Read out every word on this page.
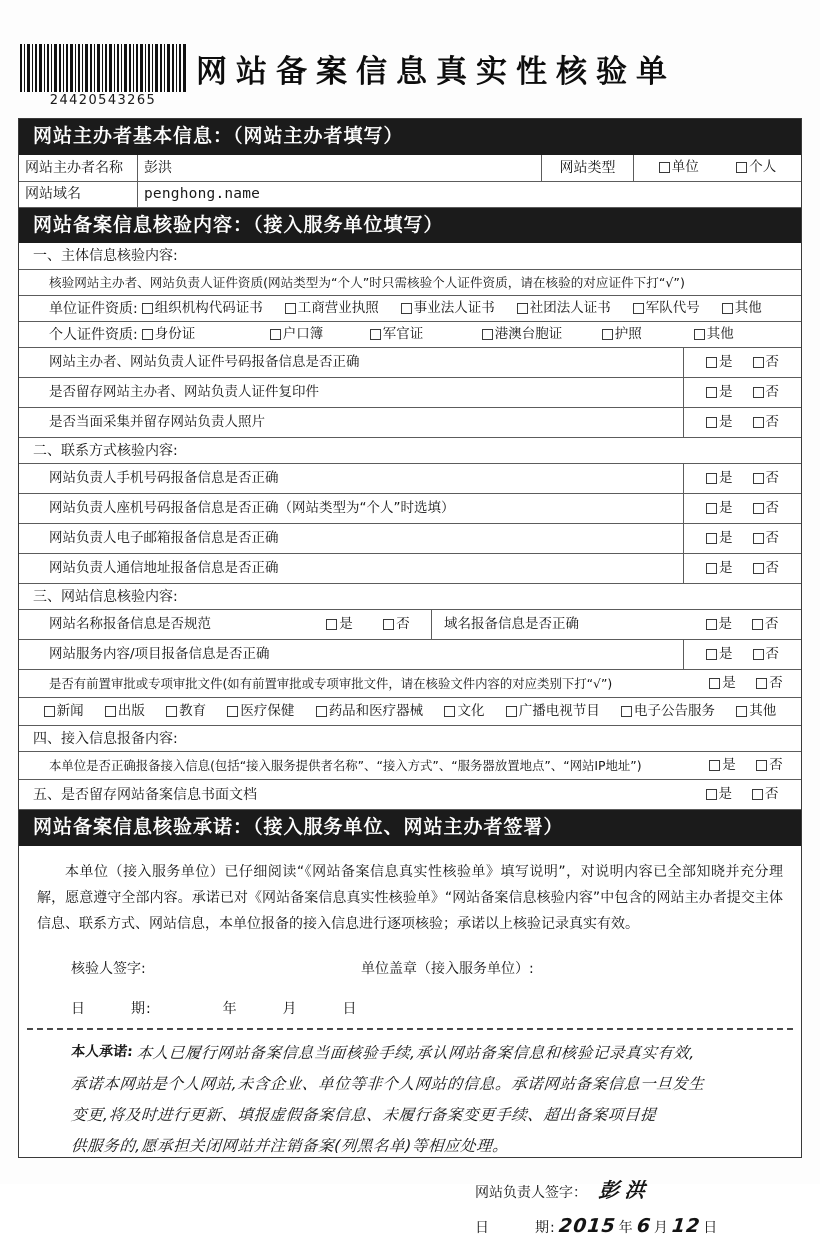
24420543265
网站备案信息真实性核验单
网站主办者基本信息：（网站主办者填写）
网站主办者名称	彭洪	网站类型	单位	个人
网站域名	penghong.name
网站备案信息核验内容：（接入服务单位填写）
一、主体信息核验内容:
核验网站主办者、网站负责人证件资质(网站类型为“个人”时只需核验个人证件资质，请在核验的对应证件下打“√”)
单位证件资质: 组织机构代码证书	工商营业执照	事业法人证书	社团法人证书	军队代号	其他
个人证件资质: 身份证	户口簿	军官证	港澳台胞证	护照	其他
网站主办者、网站负责人证件号码报备信息是否正确	是 否
是否留存网站主办者、网站负责人证件复印件	是 否
是否当面采集并留存网站负责人照片	是 否
二、联系方式核验内容:
网站负责人手机号码报备信息是否正确	是 否
网站负责人座机号码报备信息是否正确（网站类型为“个人”时选填）	是 否
网站负责人电子邮箱报备信息是否正确	是 否
网站负责人通信地址报备信息是否正确	是 否
三、网站信息核验内容:
网站名称报备信息是否规范	是	否	域名报备信息是否正确	是 否
网站服务内容/项目报备信息是否正确	是 否
是否有前置审批或专项审批文件(如有前置审批或专项审批文件，请在核验文件内容的对应类别下打“√”)	是 否
新闻	出版	教育	医疗保健	药品和医疗器械	文化	广播电视节目	电子公告服务	其他
四、接入信息报备内容:
本单位是否正确报备接入信息(包括“接入服务提供者名称”、“接入方式”、“服务器放置地点”、“网站IP地址”)	是 否
五、是否留存网站备案信息书面文档	是 否
网站备案信息核验承诺：（接入服务单位、网站主办者签署）
本单位（接入服务单位）已仔细阅读“《网站备案信息真实性核验单》填写说明”，对说明内容已全部知晓并充分理解，愿意遵守全部内容。承诺已对《网站备案信息真实性核验单》“网站备案信息核验内容”中包含的网站主办者提交主体信息、联系方式、网站信息，本单位报备的接入信息进行逐项核验；承诺以上核验记录真实有效。
核验人签字:	单位盖章（接入服务单位）:
日　　　期:	年	月	日
本人承诺: 本人已履行网站备案信息当面核验手续,承认网站备案信息和核验记录真实有效,
承诺本网站是个人网站,未含企业、单位等非个人网站的信息。承诺网站备案信息一旦发生
变更,将及时进行更新、填报虚假备案信息、未履行备案变更手续、超出备案项目提
供服务的,愿承担关闭网站并注销备案(列黑名单)等相应处理。
网站负责人签字： 彭洪
日　　　期: 2015 年 6 月 12 日
